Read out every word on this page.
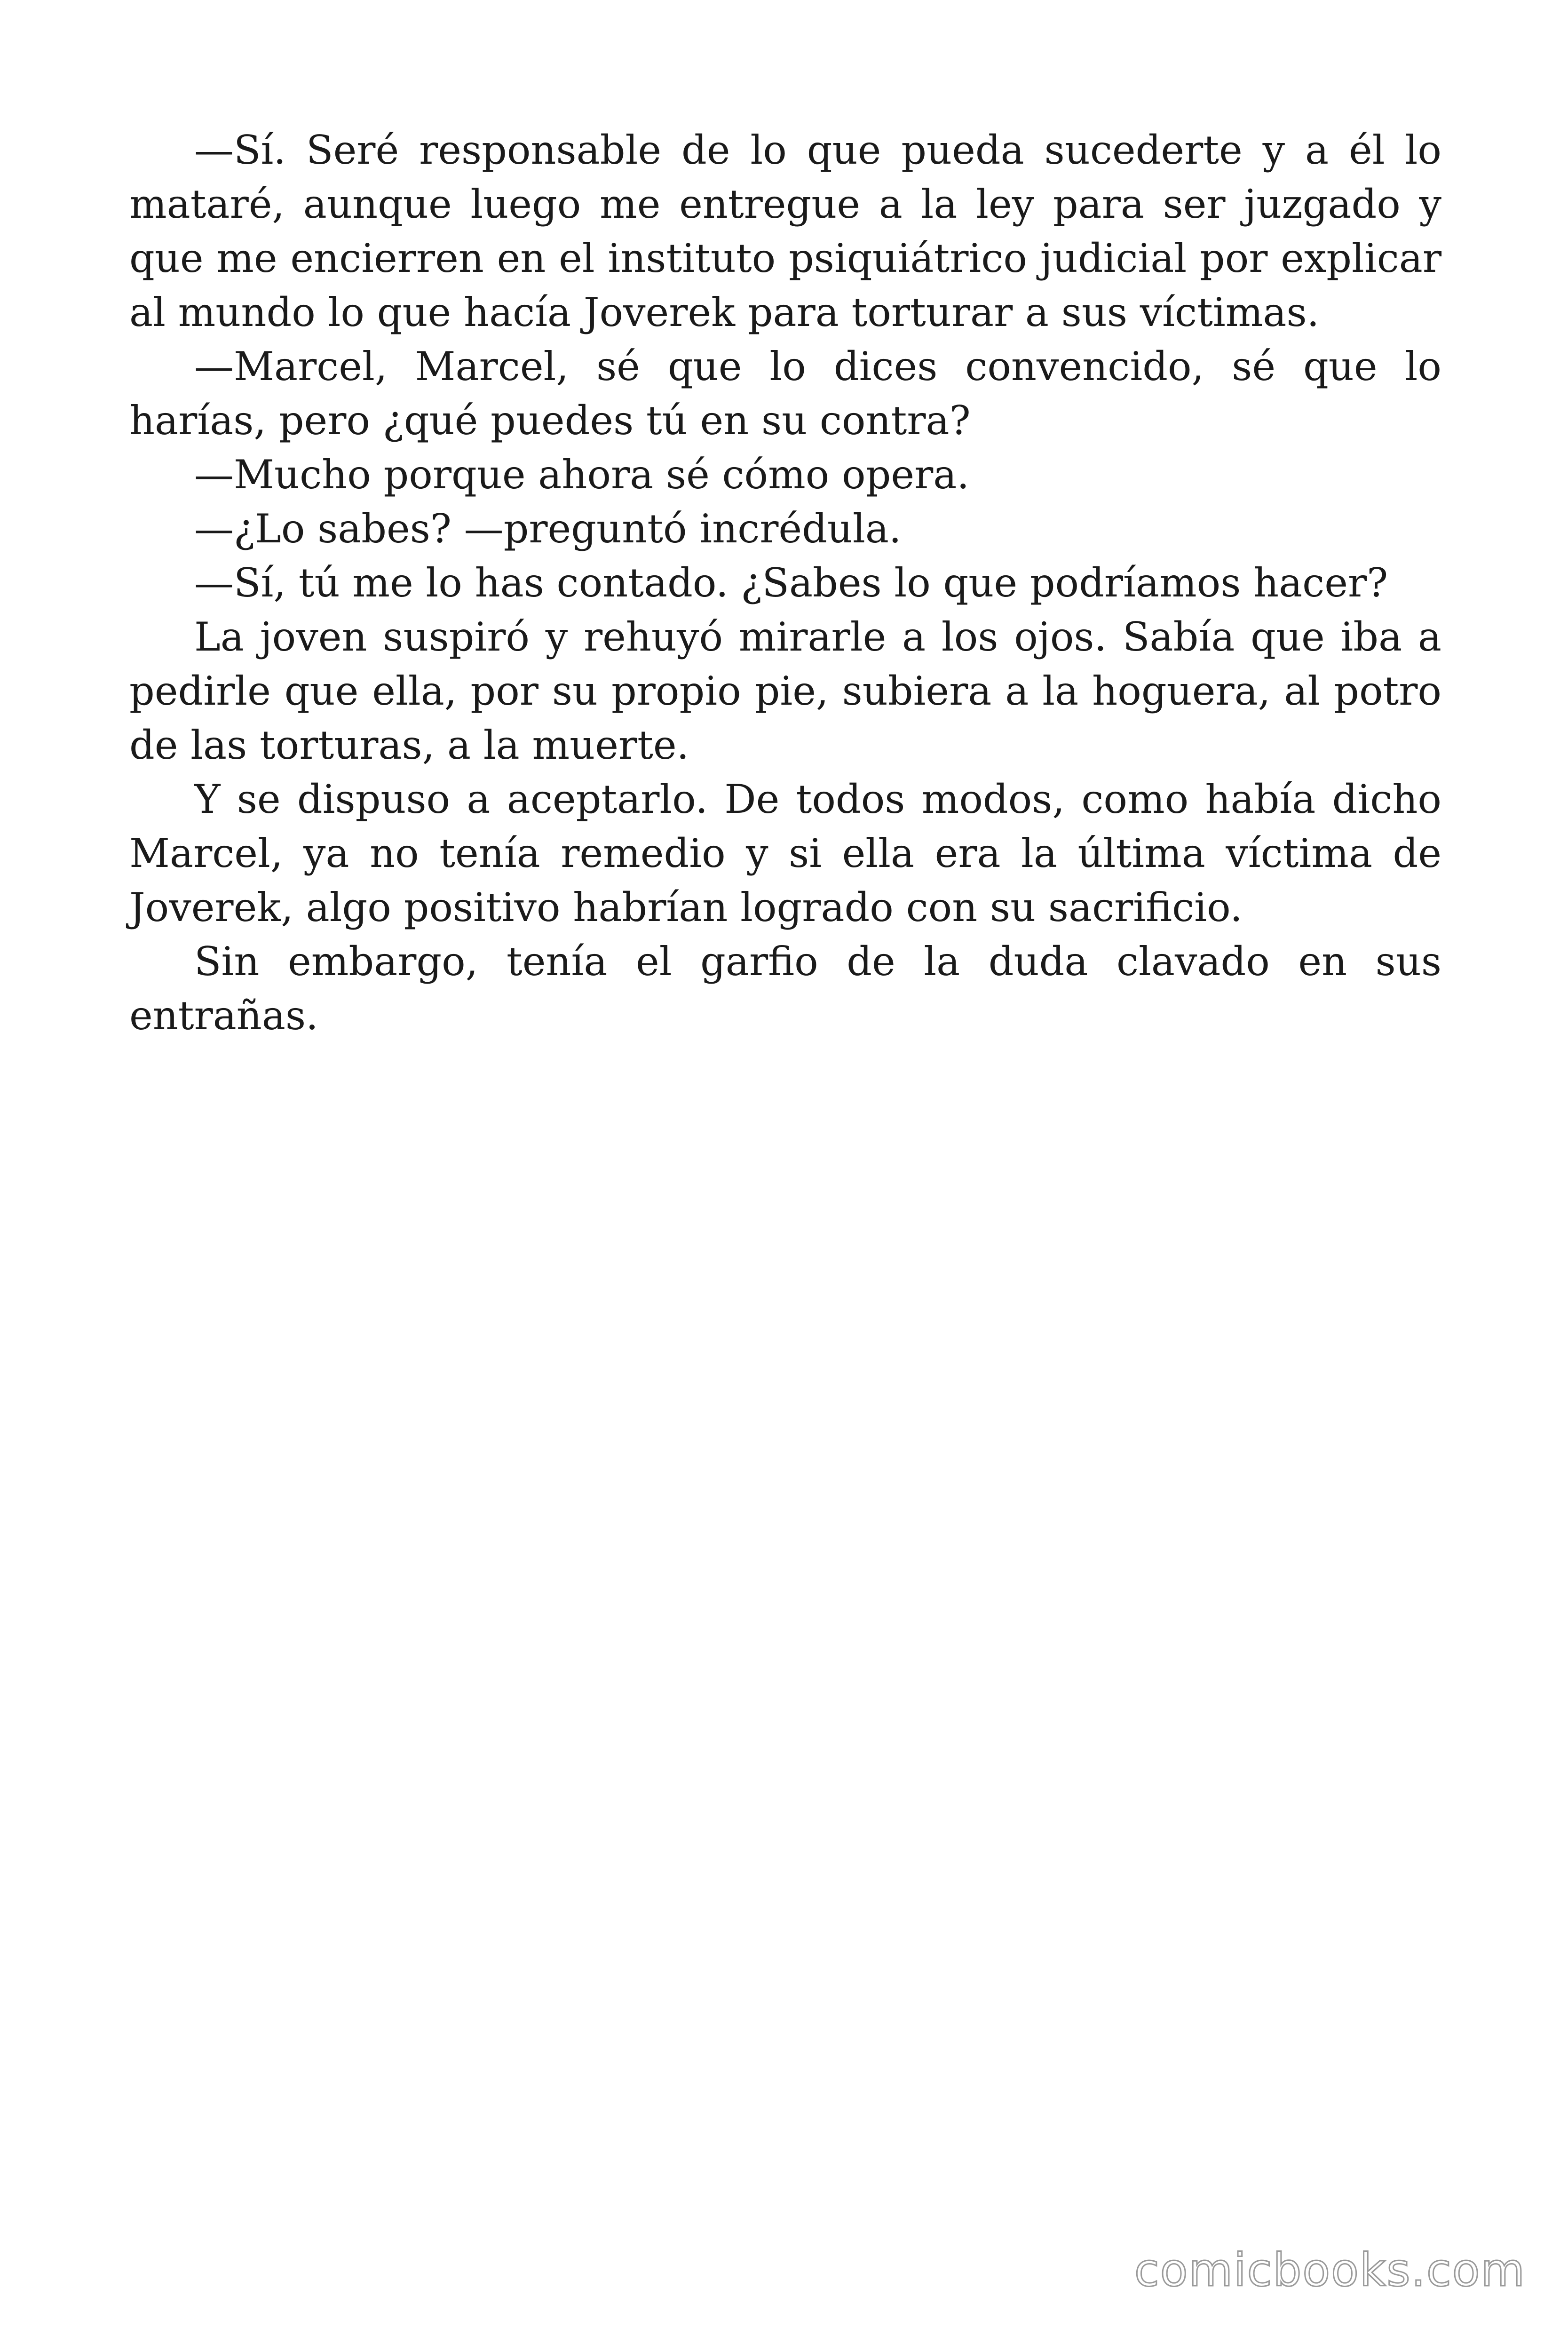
—Sí. Seré responsable de lo que pueda sucederte y a él lo mataré, aunque luego me entregue a la ley para ser juzgado y que me encierren en el instituto psiquiátrico judicial por explicar al mundo lo que hacía Joverek para torturar a sus víctimas.

—Marcel, Marcel, sé que lo dices convencido, sé que lo harías, pero ¿qué puedes tú en su contra?

—Mucho porque ahora sé cómo opera.

—¿Lo sabes? —preguntó incrédula.

—Sí, tú me lo has contado. ¿Sabes lo que podríamos hacer?

La joven suspiró y rehuyó mirarle a los ojos. Sabía que iba a pedirle que ella, por su propio pie, subiera a la hoguera, al potro de las torturas, a la muerte.

Y se dispuso a aceptarlo. De todos modos, como había dicho Marcel, ya no tenía remedio y si ella era la última víctima de Joverek, algo positivo habrían logrado con su sacrificio.

Sin embargo, tenía el garfio de la duda clavado en sus entrañas.

comicbooks.com
